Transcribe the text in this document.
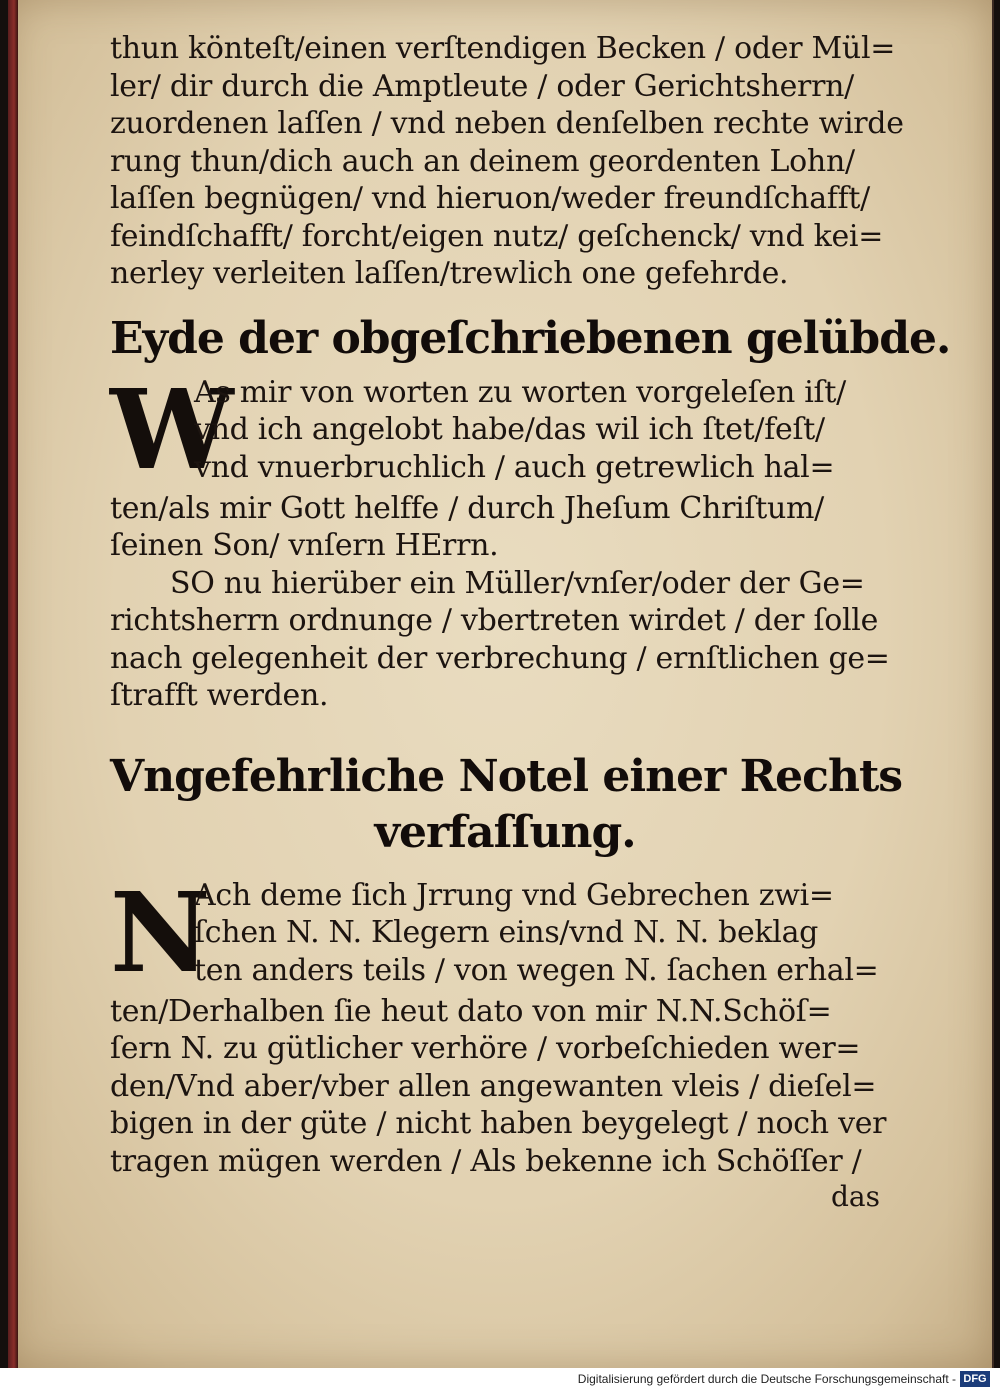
thun könteſt/einen verſtendigen Becken / oder Mül=
ler/ dir durch die Amptleute / oder Gerichtsherrn/
zuordenen laſſen / vnd neben denſelben rechte wirde
rung thun/dich auch an deinem geordenten Lohn/
laſſen begnügen/ vnd hieruon/weder freundſchafft/
feindſchafft/ forcht/eigen nutz/ geſchenck/ vnd kei=
nerley verleiten laſſen/trewlich one gefehrde.
Eyde der obgeſchriebenen gelübde.
W
As mir von worten zu worten vorgeleſen iſt/
vnd ich angelobt habe/das wil ich ſtet/feſt/
vnd vnuerbruchlich / auch getrewlich hal=
ten/als mir Gott helffe / durch Jheſum Chriſtum/
ſeinen Son/ vnſern HErrn.
SO nu hierüber ein Müller/vnſer/oder der Ge=
richtsherrn ordnunge / vbertreten wirdet / der ſolle
nach gelegenheit der verbrechung / ernſtlichen ge=
ſtrafft werden.
Vngefehrliche Notel einer Rechts
verfaſſung.
N
Ach deme ſich Jrrung vnd Gebrechen zwi=
ſchen N. N. Klegern eins/vnd N. N. beklag
ten anders teils / von wegen N. ſachen erhal=
ten/Derhalben ſie heut dato von mir N.N.Schöſ=
ſern N. zu gütlicher verhöre / vorbeſchieden wer=
den/Vnd aber/vber allen angewanten vleis / dieſel=
bigen in der güte / nicht haben beygelegt / noch ver
tragen mügen werden / Als bekenne ich Schöſſer /
das
Digitalisierung gefördert durch die Deutsche Forschungsgemeinschaft - DFG
